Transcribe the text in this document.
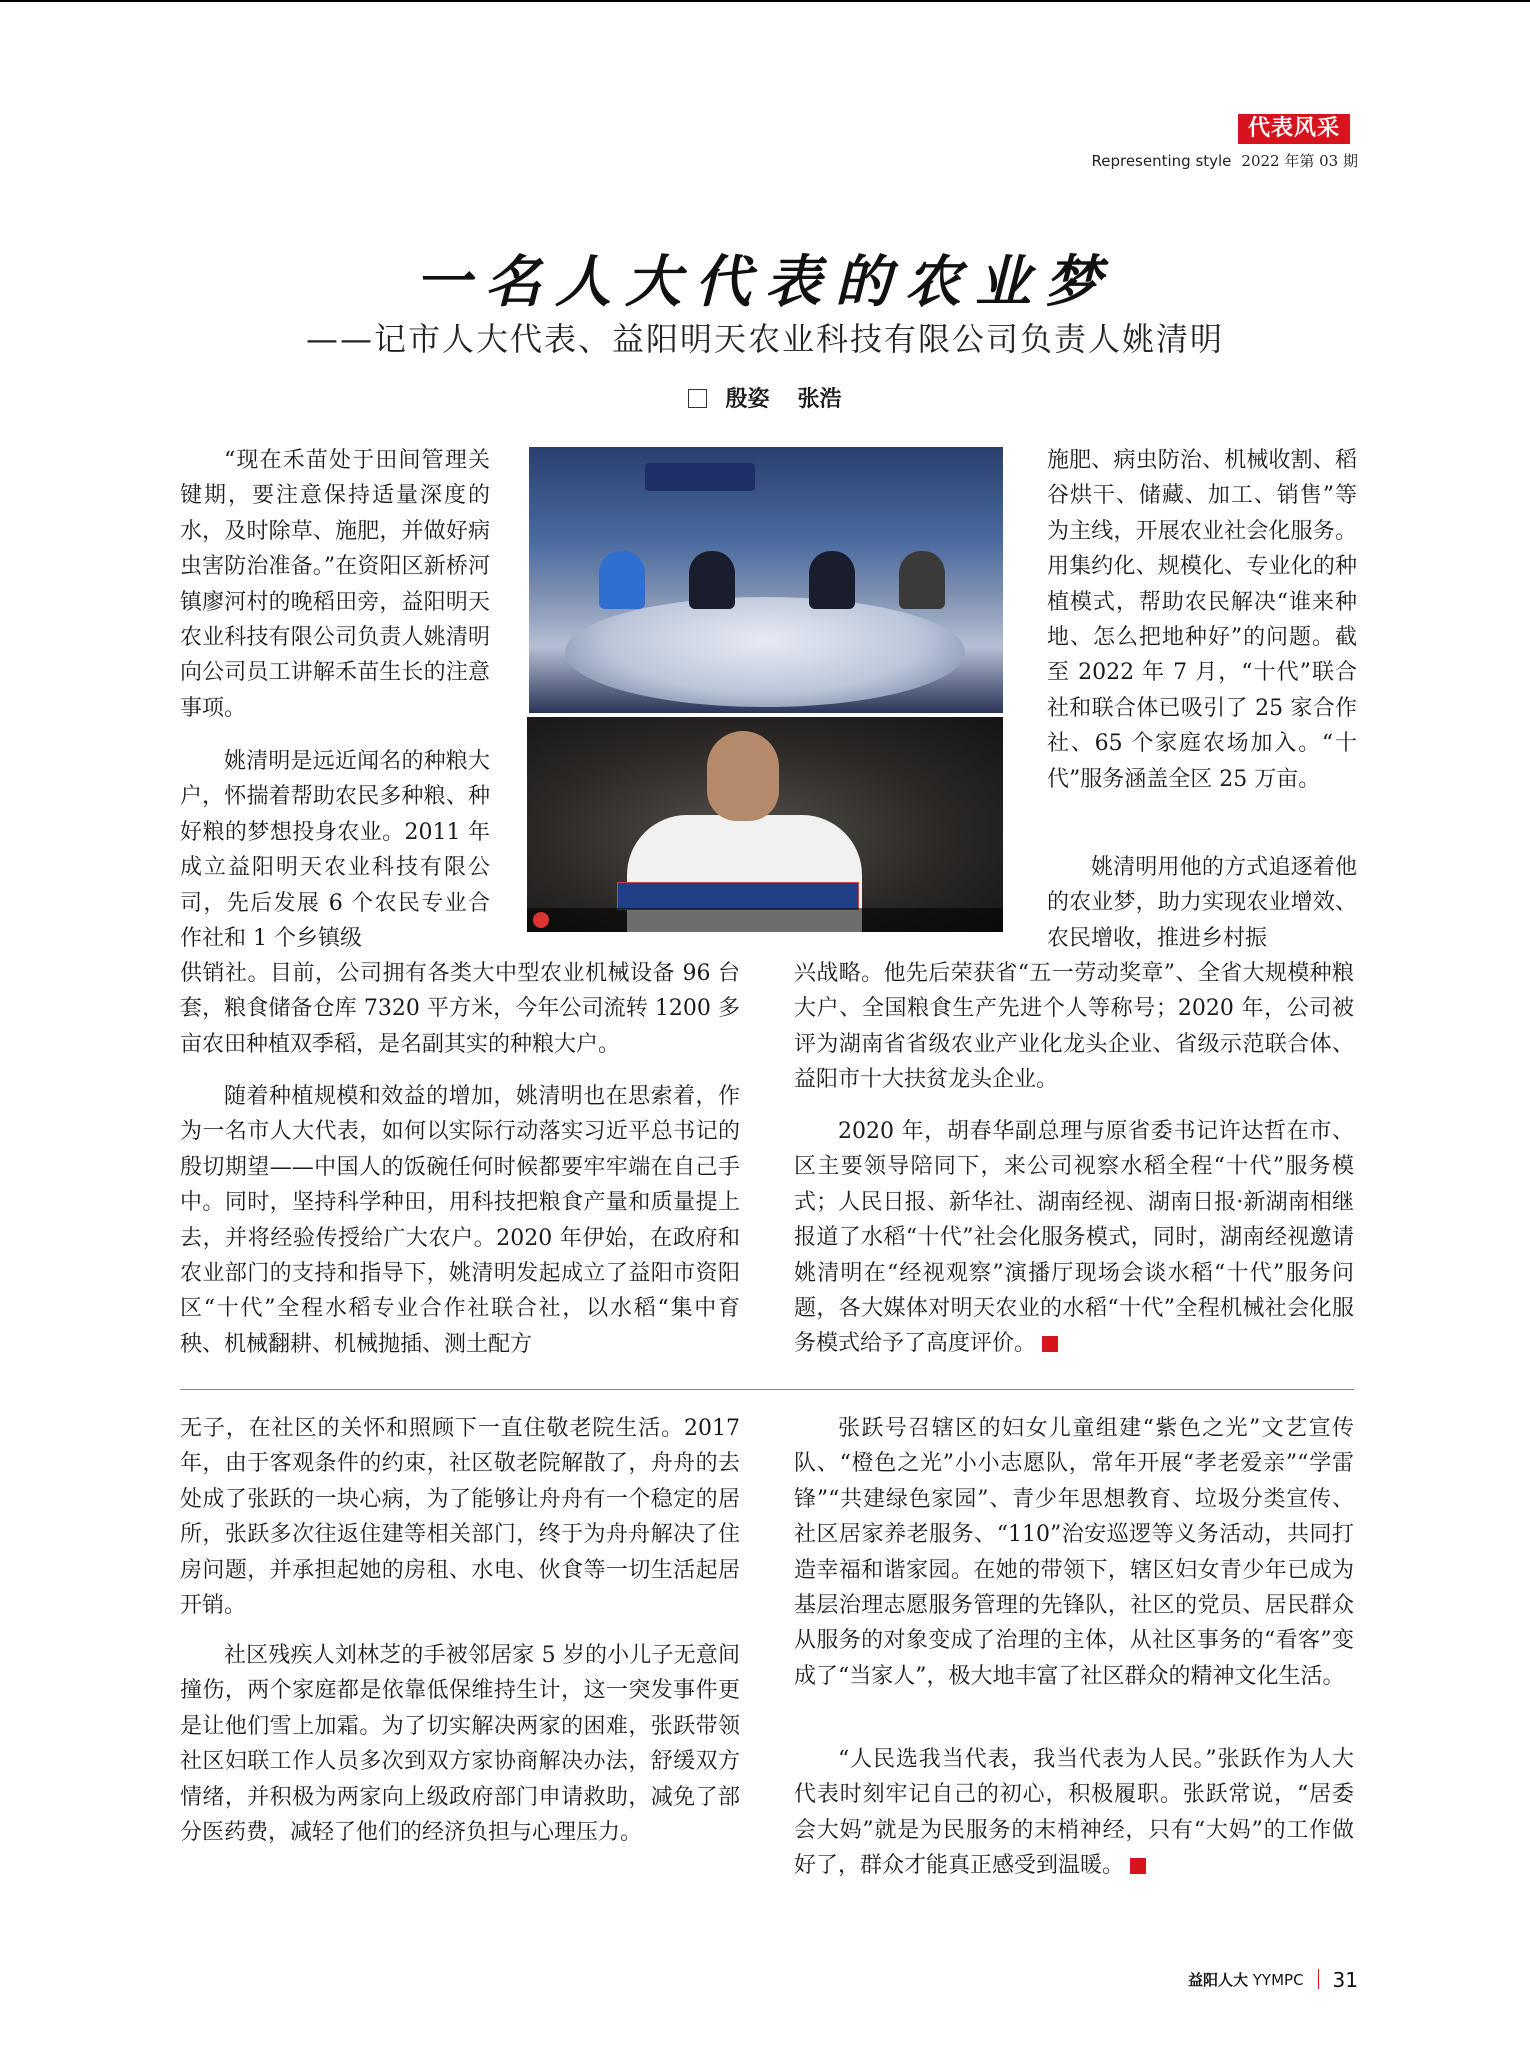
代表风采
Representing style 2022 年第 03 期
一名人大代表的农业梦
——记市人大代表、益阳明天农业科技有限公司负责人姚清明
殷姿 张浩

“现在禾苗处于田间管理关键期，要注意保持适量深度的水，及时除草、施肥，并做好病虫害防治准备。”在资阳区新桥河镇廖河村的晚稻田旁，益阳明天农业科技有限公司负责人姚清明向公司员工讲解禾苗生长的注意事项。

姚清明是远近闻名的种粮大户，怀揣着帮助农民多种粮、种好粮的梦想投身农业。2011 年成立益阳明天农业科技有限公司，先后发展 6 个农民专业合作社和 1 个乡镇级

供销社。目前，公司拥有各类大中型农业机械设备 96 台套，粮食储备仓库 7320 平方米，今年公司流转 1200 多亩农田种植双季稻，是名副其实的种粮大户。

随着种植规模和效益的增加，姚清明也在思索着，作为一名市人大代表，如何以实际行动落实习近平总书记的殷切期望——中国人的饭碗任何时候都要牢牢端在自己手中。同时，坚持科学种田，用科技把粮食产量和质量提上去，并将经验传授给广大农户。2020 年伊始，在政府和农业部门的支持和指导下，姚清明发起成立了益阳市资阳区“十代”全程水稻专业合作社联合社，以水稻“集中育秧、机械翻耕、机械抛插、测土配方

施肥、病虫防治、机械收割、稻谷烘干、储藏、加工、销售”等为主线，开展农业社会化服务。用集约化、规模化、专业化的种植模式，帮助农民解决“谁来种地、怎么把地种好”的问题。截至 2022 年 7 月，“十代”联合社和联合体已吸引了 25 家合作社、65 个家庭农场加入。“十代”服务涵盖全区 25 万亩。

姚清明用他的方式追逐着他的农业梦，助力实现农业增效、农民增收，推进乡村振

兴战略。他先后荣获省“五一劳动奖章”、全省大规模种粮大户、全国粮食生产先进个人等称号；2020 年，公司被评为湖南省省级农业产业化龙头企业、省级示范联合体、益阳市十大扶贫龙头企业。

2020 年，胡春华副总理与原省委书记许达哲在市、区主要领导陪同下，来公司视察水稻全程“十代”服务模式；人民日报、新华社、湖南经视、湖南日报·新湖南相继报道了水稻“十代”社会化服务模式，同时，湖南经视邀请姚清明在“经视观察”演播厅现场会谈水稻“十代”服务问题，各大媒体对明天农业的水稻“十代”全程机械社会化服务模式给予了高度评价。

无子，在社区的关怀和照顾下一直住敬老院生活。2017 年，由于客观条件的约束，社区敬老院解散了，舟舟的去处成了张跃的一块心病，为了能够让舟舟有一个稳定的居所，张跃多次往返住建等相关部门，终于为舟舟解决了住房问题，并承担起她的房租、水电、伙食等一切生活起居开销。

社区残疾人刘林芝的手被邻居家 5 岁的小儿子无意间撞伤，两个家庭都是依靠低保维持生计，这一突发事件更是让他们雪上加霜。为了切实解决两家的困难，张跃带领社区妇联工作人员多次到双方家协商解决办法，舒缓双方情绪，并积极为两家向上级政府部门申请救助，减免了部分医药费，减轻了他们的经济负担与心理压力。

张跃号召辖区的妇女儿童组建“紫色之光”文艺宣传队、“橙色之光”小小志愿队，常年开展“孝老爱亲”“学雷锋”“共建绿色家园”、青少年思想教育、垃圾分类宣传、社区居家养老服务、“110”治安巡逻等义务活动，共同打造幸福和谐家园。在她的带领下，辖区妇女青少年已成为基层治理志愿服务管理的先锋队，社区的党员、居民群众从服务的对象变成了治理的主体，从社区事务的“看客”变成了“当家人”，极大地丰富了社区群众的精神文化生活。

“人民选我当代表，我当代表为人民。”张跃作为人大代表时刻牢记自己的初心，积极履职。张跃常说，“居委会大妈”就是为民服务的末梢神经，只有“大妈”的工作做好了，群众才能真正感受到温暖。

益阳人大 YYMPC 31
